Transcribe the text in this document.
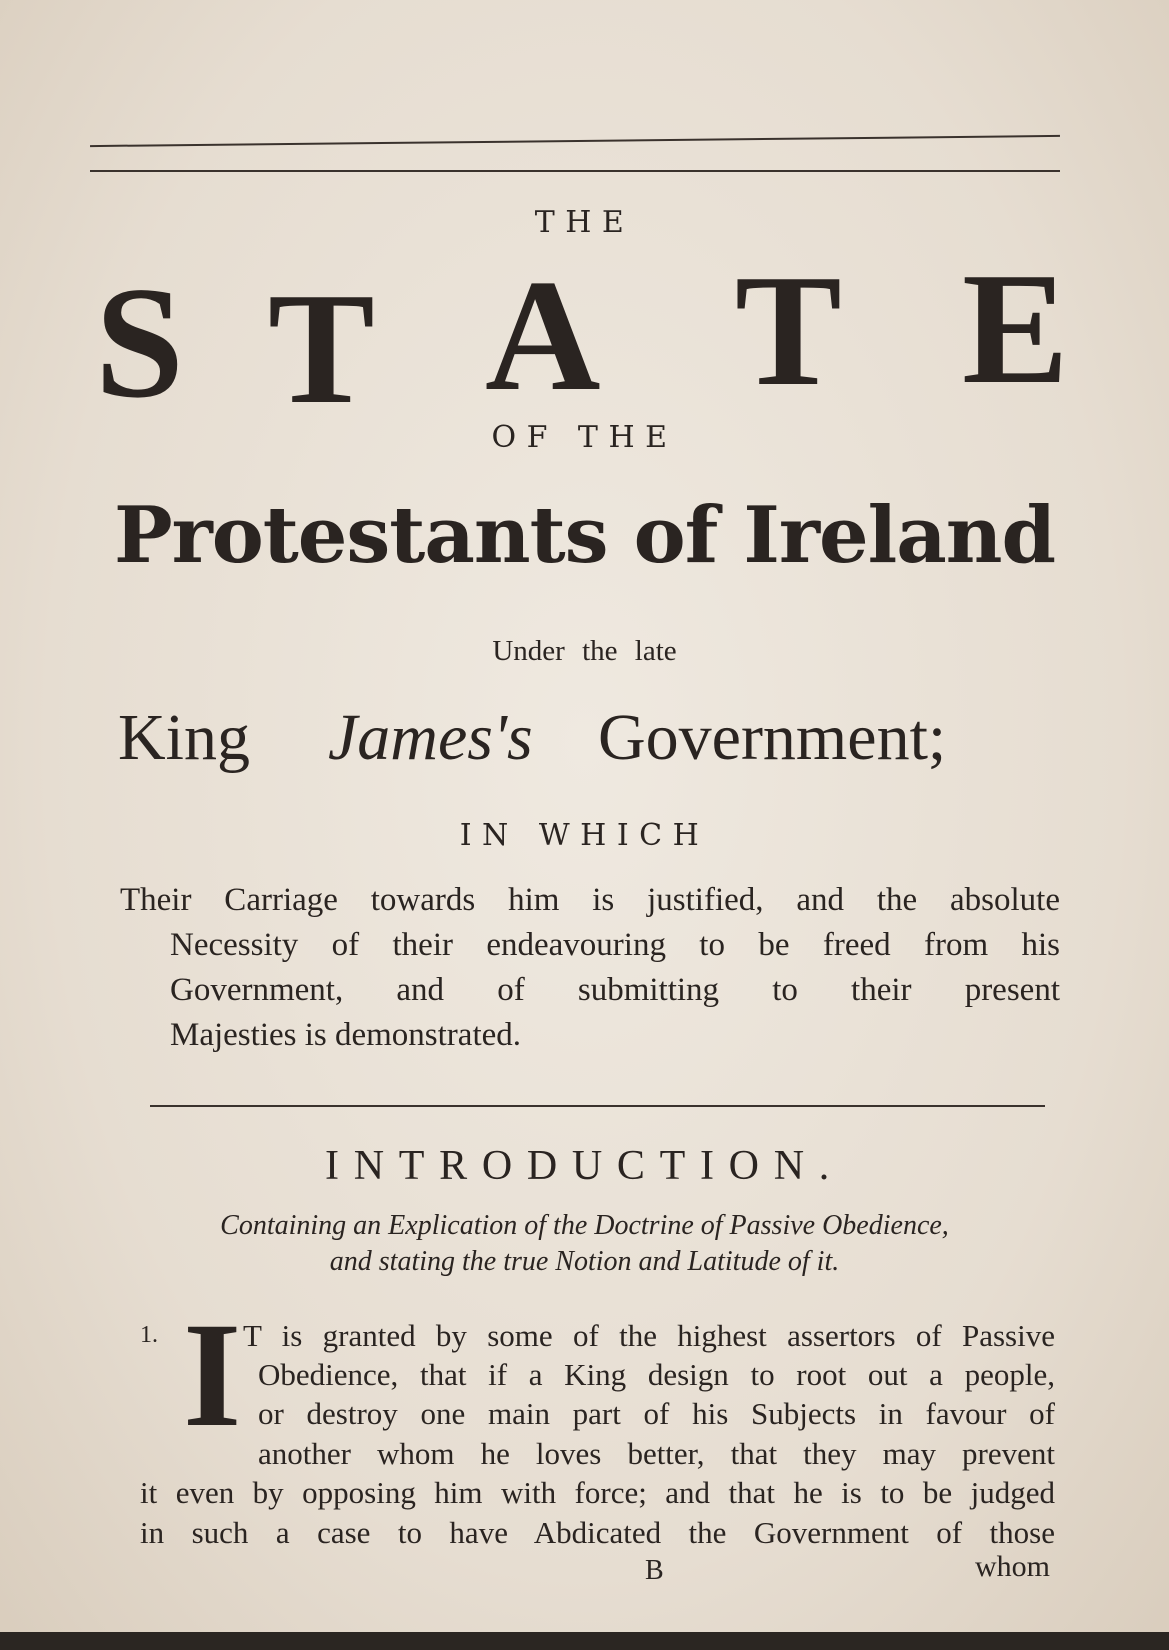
THE
S T A T E
OF THE
Protestants of Ireland
Under the late
King James's Government;
IN WHICH
Their Carriage towards him is justified, and the absolute
Necessity of their endeavouring to be freed from his
Government, and of submitting to their present
Majesties is demonstrated.
INTRODUCTION.
Containing an Explication of the Doctrine of Passive Obedience,
and stating the true Notion and Latitude of it.
1. I T is granted by some of the highest assertors of Passive
Obedience, that if a King design to root out a people,
or destroy one main part of his Subjects in favour of
another whom he loves better, that they may prevent
it even by opposing him with force; and that he is to be judged
in such a case to have Abdicated the Government of those
B	whom
